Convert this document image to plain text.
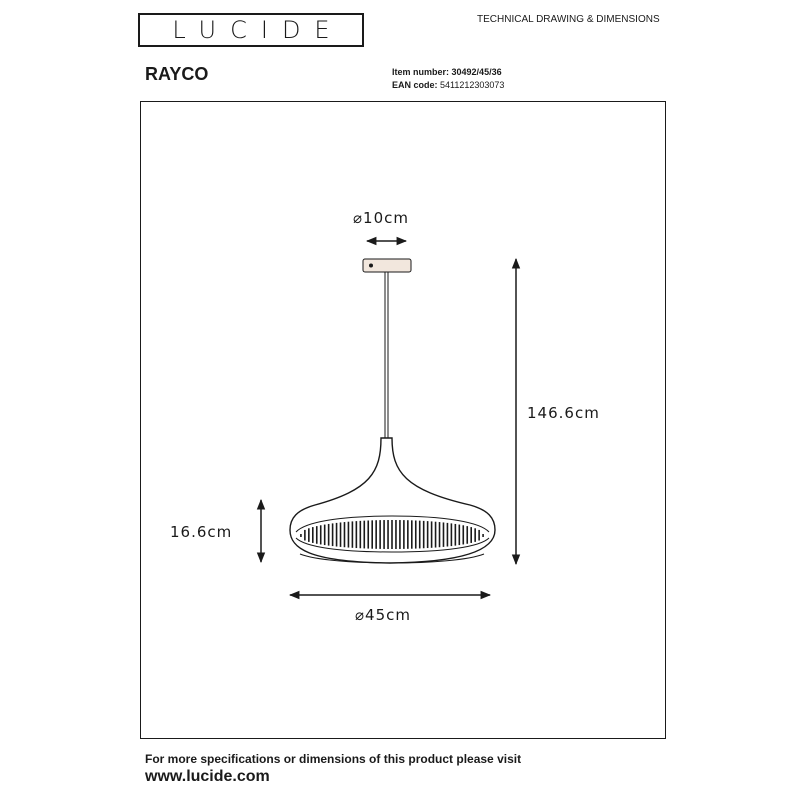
LUCIDE	TECHNICAL DRAWING & DIMENSIONS
RAYCO	Item number: 30492/45/36
EAN code: 5411212303073
⌀10cm
146.6cm
16.6cm
⌀45cm
For more specifications or dimensions of this product please visit
www.lucide.com
